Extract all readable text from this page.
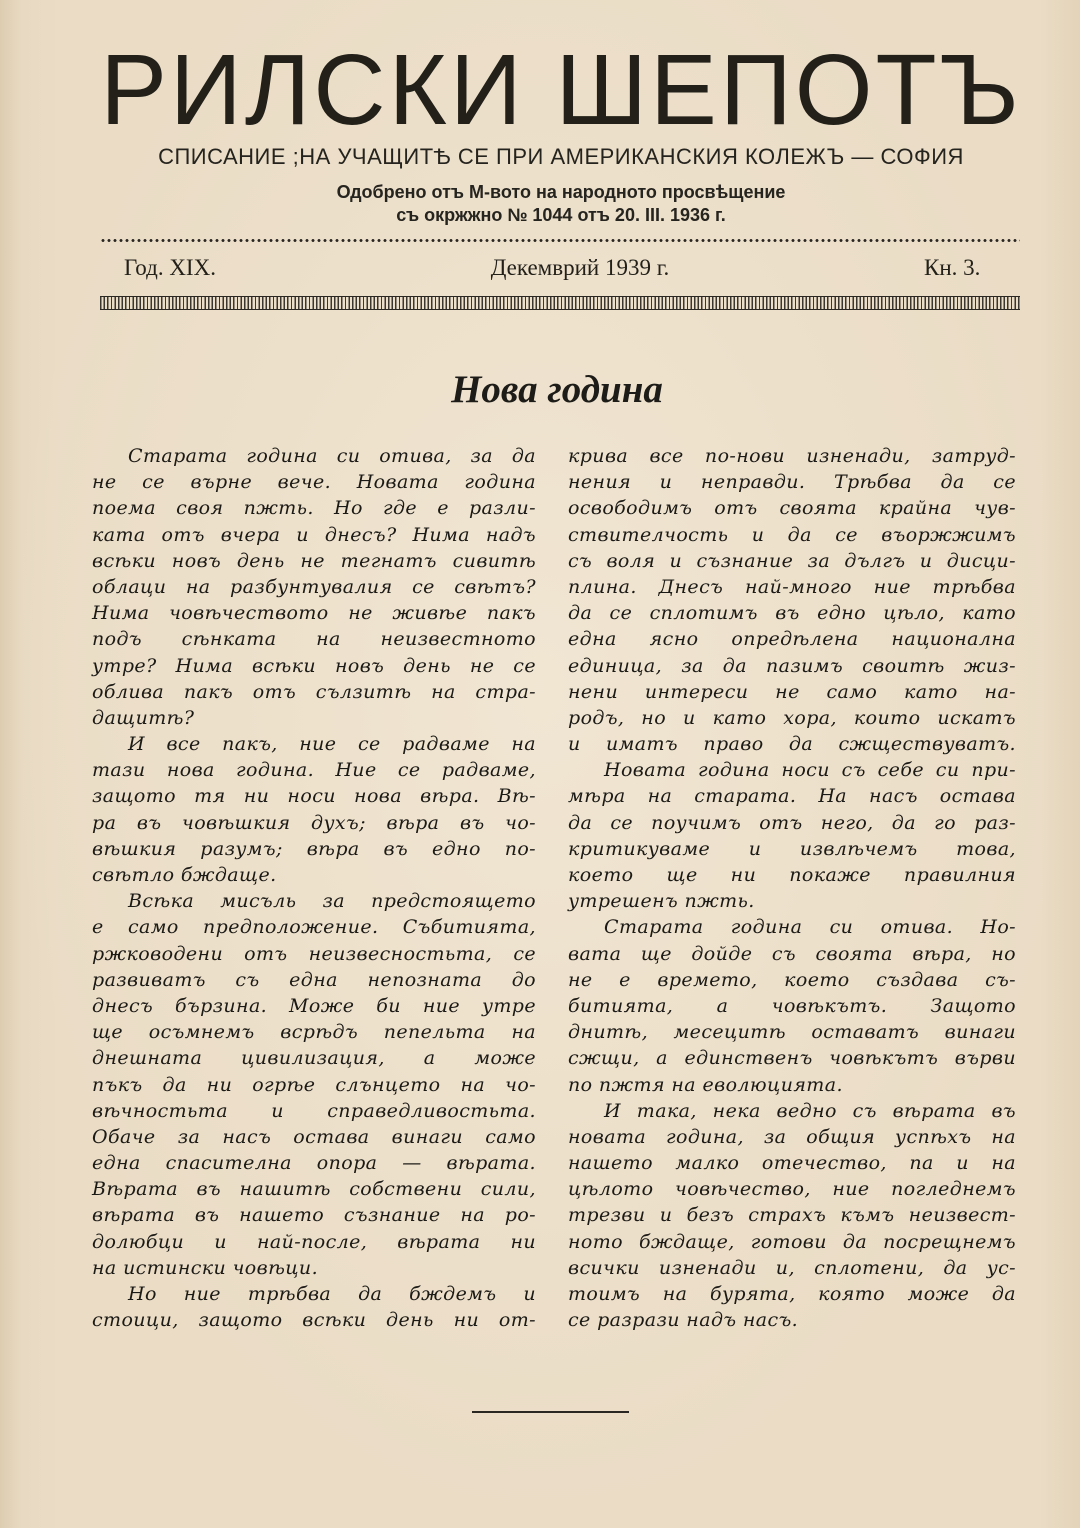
РИЛСКИ ШЕПОТЪ
СПИСАНИЕ ;НА УЧАЩИТѢ СЕ ПРИ АМЕРИКАНСКИЯ КОЛЕЖЪ — СОФИЯ
Одобрено отъ М-вото на народното просвѣщение
съ окржжно № 1044 отъ 20. III. 1936 г.
Год. XIX.	Декемврий 1939 г.	Кн. 3.
Нова година
Старата година си отива, за да
не се върне вече. Новата година
поема своя пжть. Но где е разли-
ката отъ вчера и днесъ? Нима надъ
всѣки новъ день не тегнатъ сивитѣ
облаци на разбунтувалия се свѣтъ?
Нима човѣчеството не живѣе пакъ
подъ сѣнката на неизвестното
утре? Нима всѣки новъ день не се
облива пакъ отъ сълзитѣ на стра-
дащитѣ?
И все пакъ, ние се радваме на
тази нова година. Ние се радваме,
защото тя ни носи нова вѣра. Вѣ-
ра въ човѣшкия духъ; вѣра въ чо-
вѣшкия разумъ; вѣра въ едно по-
свѣтло бждаще.
Всѣка мисъль за предстоящето
е само предположение. Събитията,
ржководени отъ неизвесностьта, се
развиватъ съ една непозната до
днесъ бързина. Може би ние утре
ще осъмнемъ всрѣдъ пепельта на
днешната цивилизация, а може
пъкъ да ни огрѣе слънцето на чо-
вѣчностьта и справедливостьта.
Обаче за насъ остава винаги само
една спасителна опора — вѣрата.
Вѣрата въ нашитѣ собствени сили,
вѣрата въ нашето съзнание на ро-
долюбци и най-после, вѣрата ни
на истински човѣци.
Но ние трѣбва да бждемъ и
стоици, защото всѣки день ни от-
крива все по-нови изненади, затруд-
нения и неправди. Трѣбва да се
освободимъ отъ своята крайна чув-
ствителчость и да се въоржжимъ
съ воля и съзнание за дългъ и дисци-
плина. Днесъ най-много ние трѣбва
да се сплотимъ въ едно цѣло, като
една ясно опредѣлена национална
единица, за да пазимъ своитѣ жиз-
нени интереси не само като на-
родъ, но и като хора, които искатъ
и иматъ право да сжществуватъ.
Новата година носи съ себе си при-
мѣра на старата. На насъ остава
да се поучимъ отъ него, да го раз-
критикуваме и извлѣчемъ това,
което ще ни покаже правилния
утрешенъ пжть.
Старата година си отива. Но-
вата ще дойде съ своята вѣра, но
не е времето, което създава съ-
битията, а човѣкътъ. Защото
днитѣ, месецитѣ оставатъ винаги
сжщи, а единственъ човѣкътъ върви
по пжтя на еволюцията.
И така, нека ведно съ вѣрата въ
новата година, за общия успѣхъ на
нашето малко отечество, па и на
цѣлото човѣчество, ние погледнемъ
трезви и безъ страхъ къмъ неизвест-
ното бждаще, готови да посрещнемъ
всички изненади и, сплотени, да ус-
тоимъ на бурята, която може да
се разрази надъ насъ.
